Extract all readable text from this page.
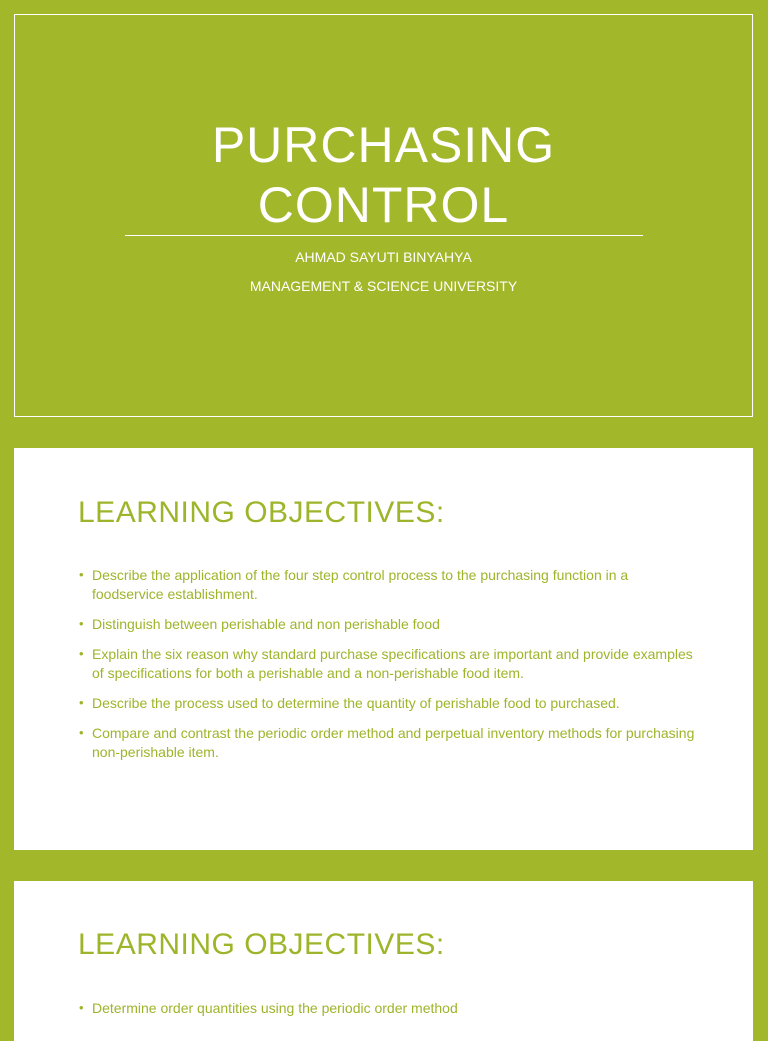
PURCHASING
CONTROL
AHMAD SAYUTI BINYAHYA
MANAGEMENT & SCIENCE UNIVERSITY
LEARNING OBJECTIVES:
• Describe the application of the four step control process to the purchasing function in a foodservice establishment.
• Distinguish between perishable and non perishable food
• Explain the six reason why standard purchase specifications are important and provide examples of specifications for both a perishable and a non-perishable food item.
• Describe the process used to determine the quantity of perishable food to purchased.
• Compare and contrast the periodic order method and perpetual inventory methods for purchasing non-perishable item.
LEARNING OBJECTIVES:
• Determine order quantities using the periodic order method
